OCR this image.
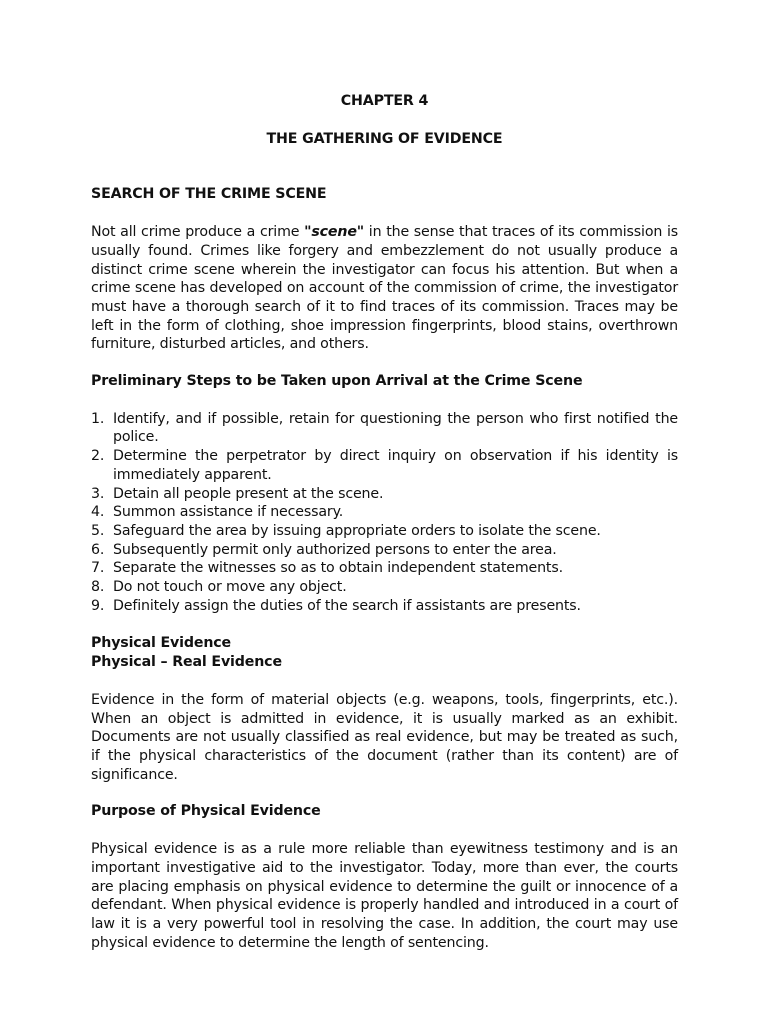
CHAPTER 4
THE GATHERING OF EVIDENCE
SEARCH OF THE CRIME SCENE

Not all crime produce a crime "scene" in the sense that traces of its commission is usually found. Crimes like forgery and embezzlement do not usually produce a distinct crime scene wherein the investigator can focus his attention. But when a crime scene has developed on account of the commission of crime, the investigator must have a thorough search of it to find traces of its commission. Traces may be left in the form of clothing, shoe impression fingerprints, blood stains, overthrown furniture, disturbed articles, and others.

Preliminary Steps to be Taken upon Arrival at the Crime Scene
1. Identify, and if possible, retain for questioning the person who first notified the police.
2. Determine the perpetrator by direct inquiry on observation if his identity is immediately apparent.
3. Detain all people present at the scene.
4. Summon assistance if necessary.
5. Safeguard the area by issuing appropriate orders to isolate the scene.
6. Subsequently permit only authorized persons to enter the area.
7. Separate the witnesses so as to obtain independent statements.
8. Do not touch or move any object.
9. Definitely assign the duties of the search if assistants are presents.
Physical Evidence
Physical – Real Evidence

Evidence in the form of material objects (e.g. weapons, tools, fingerprints, etc.). When an object is admitted in evidence, it is usually marked as an exhibit. Documents are not usually classified as real evidence, but may be treated as such, if the physical characteristics of the document (rather than its content) are of significance.

Purpose of Physical Evidence

Physical evidence is as a rule more reliable than eyewitness testimony and is an important investigative aid to the investigator. Today, more than ever, the courts are placing emphasis on physical evidence to determine the guilt or innocence of a defendant. When physical evidence is properly handled and introduced in a court of law it is a very powerful tool in resolving the case. In addition, the court may use physical evidence to determine the length of sentencing.
